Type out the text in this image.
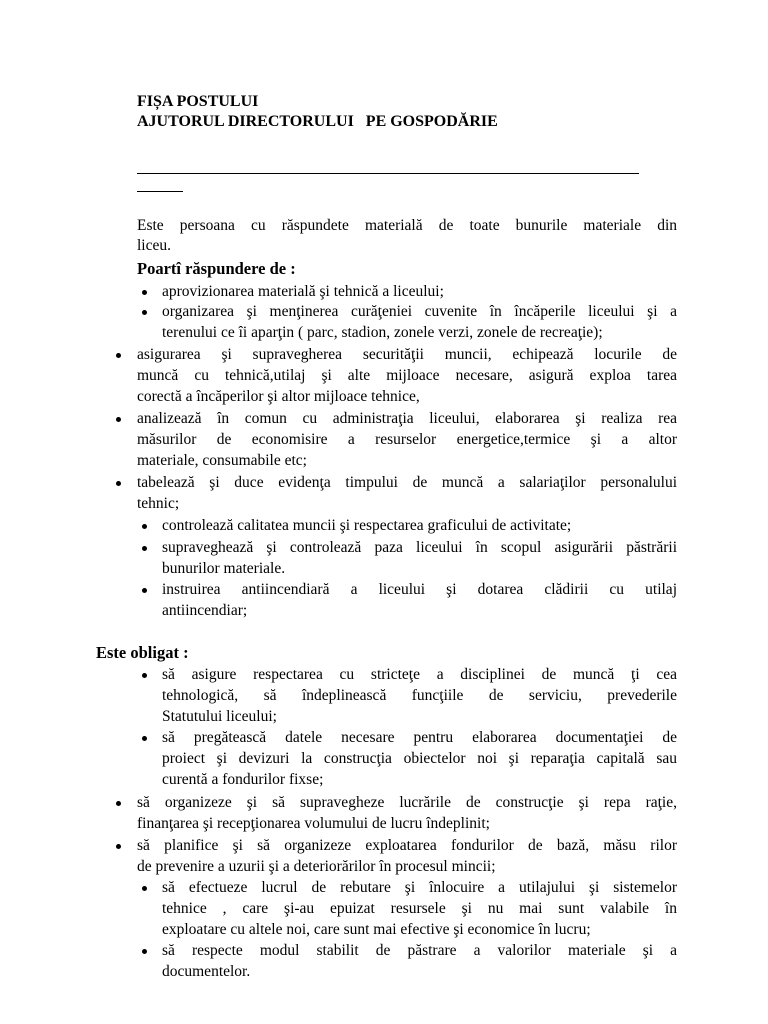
FIȘA POSTULUI
AJUTORUL DIRECTORULUI   PE GOSPODĂRIE
Este persoana cu răspundete materială de toate bunurile materiale din
liceu.
Poartî răspundere de :
aprovizionarea materială şi tehnică a liceului;
organizarea şi menţinerea curăţeniei cuvenite în încăperile liceului şi a
terenului ce îi aparţin ( parc, stadion, zonele verzi, zonele de recreaţie);
asigurarea şi supravegherea securităţii muncii, echipează locurile de
muncă cu tehnică,utilaj şi alte mijloace necesare, asigură exploa tarea
corectă a încăperilor şi altor mijloace tehnice,
analizează în comun cu administraţia liceului, elaborarea şi realiza rea
măsurilor de economisire a resurselor energetice,termice şi a altor
materiale, consumabile etc;
tabelează şi duce evidenţa timpului de muncă a salariaţilor personalului
tehnic;
controlează calitatea muncii şi respectarea graficului de activitate;
supraveghează şi controlează paza liceului în scopul asigurării păstrării
bunurilor materiale.
instruirea antiincendiară a liceului şi dotarea clădirii cu utilaj
antiincendiar;
Este obligat :
să asigure respectarea cu stricteţe a disciplinei de muncă ţi cea
tehnologică, să îndeplinească funcţiile de serviciu, prevederile
Statutului liceului;
să pregătească datele necesare pentru elaborarea documentaţiei de
proiect şi devizuri la construcţia obiectelor noi şi reparaţia capitală sau
curentă a fondurilor fixse;
să organizeze şi să supravegheze lucrările de construcţie şi repa raţie,
finanţarea şi recepţionarea volumului de lucru îndeplinit;
să planifice şi să organizeze exploatarea fondurilor de bază, măsu rilor
de prevenire a uzurii şi a deteriorărilor în procesul mincii;
să efectueze lucrul de rebutare şi înlocuire a utilajului şi sistemelor
tehnice , care şi-au epuizat resursele şi nu mai sunt valabile în
exploatare cu altele noi, care sunt mai efective şi economice în lucru;
să respecte modul stabilit de păstrare a valorilor materiale şi a
documentelor.
